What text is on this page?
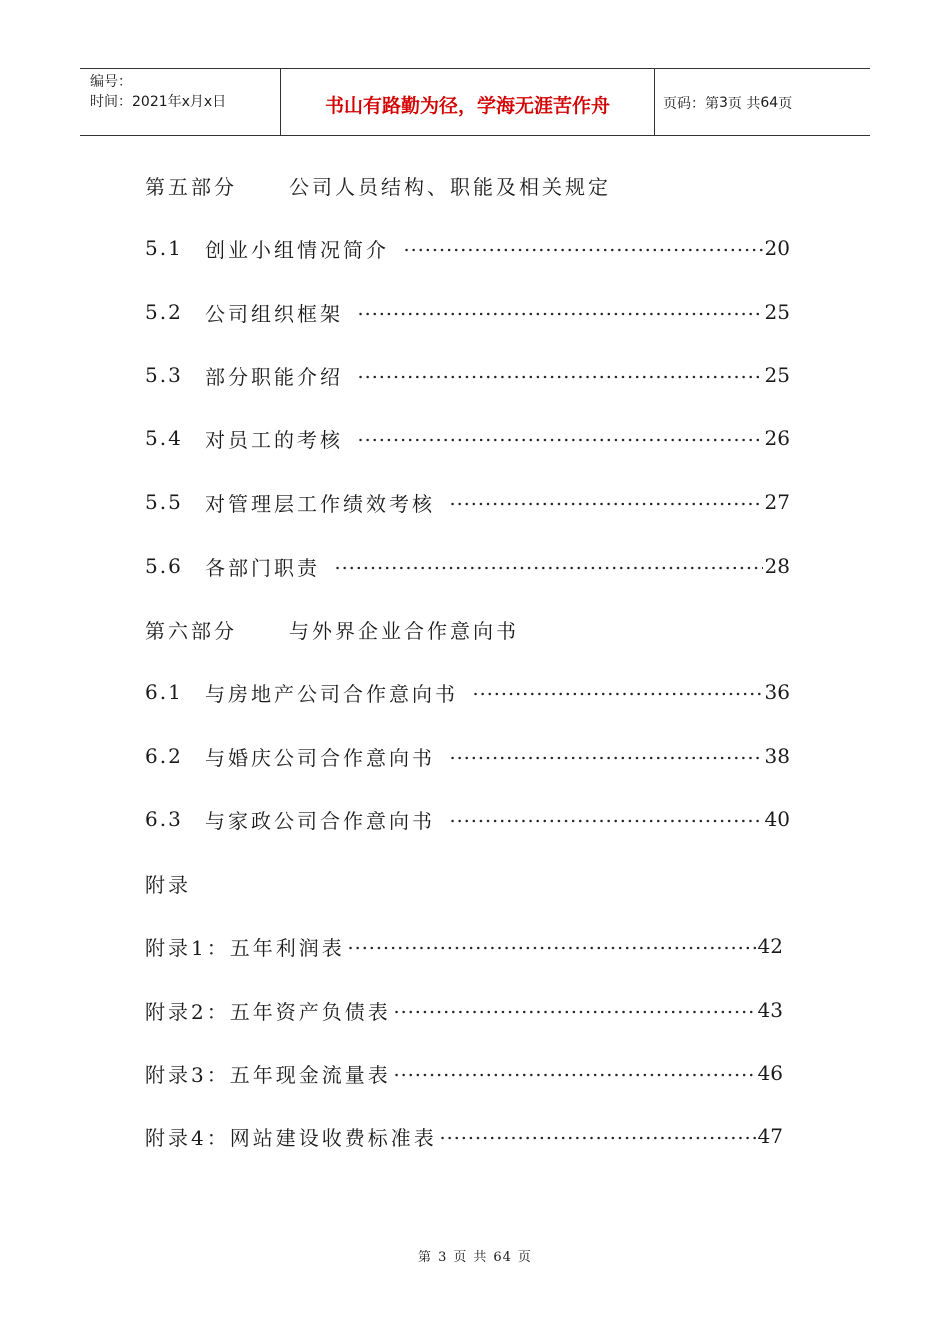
编号：
时间：2021年x月x日	书山有路勤为径，学海无涯苦作舟	页码：第 3 页 共 64 页
第五部分	公司人员结构、职能及相关规定
5.1	创业小组情况简介	20
5.2	公司组织框架	25
5.3	部分职能介绍	25
5.4	对员工的考核	26
5.5	对管理层工作绩效考核	27
5.6	各部门职责	28
第六部分	与外界企业合作意向书
6.1	与房地产公司合作意向书	36
6.2	与婚庆公司合作意向书	38
6.3	与家政公司合作意向书	40
附录
附录1：五年利润表	42
附录2：五年资产负债表	43
附录3：五年现金流量表	46
附录4：网站建设收费标准表	47
第 3 页 共 64 页
